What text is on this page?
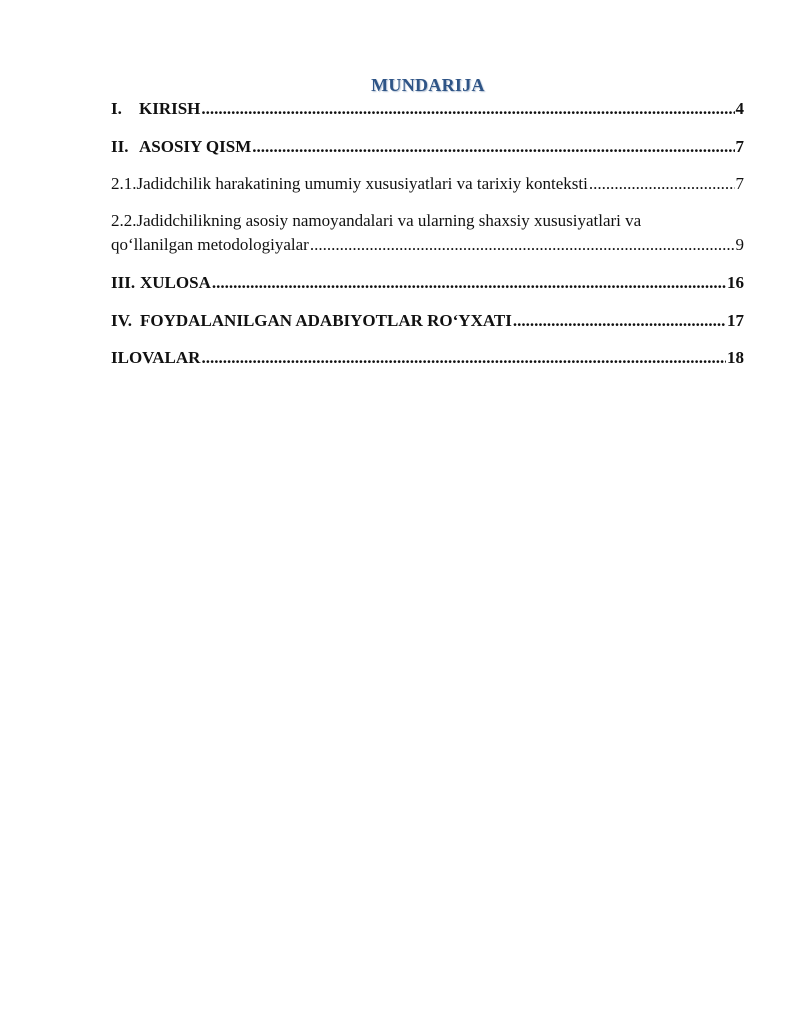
MUNDARIJA
I.	KIRISH .....	4
II. ASOSIY QISM .....	7
2.1.Jadidchilik harakatining umumiy xususiyatlari va tarixiy konteksti .....	7
2.2.Jadidchilikning asosiy namoyandalari va ularning shaxsiy xususiyatlari va
qo‘llanilgan metodologiyalar .....	9
III. XULOSA .....	16
IV. FOYDALANILGAN ADABIYOTLAR RO‘YXATI .....	17
ILOVALAR .....	18
